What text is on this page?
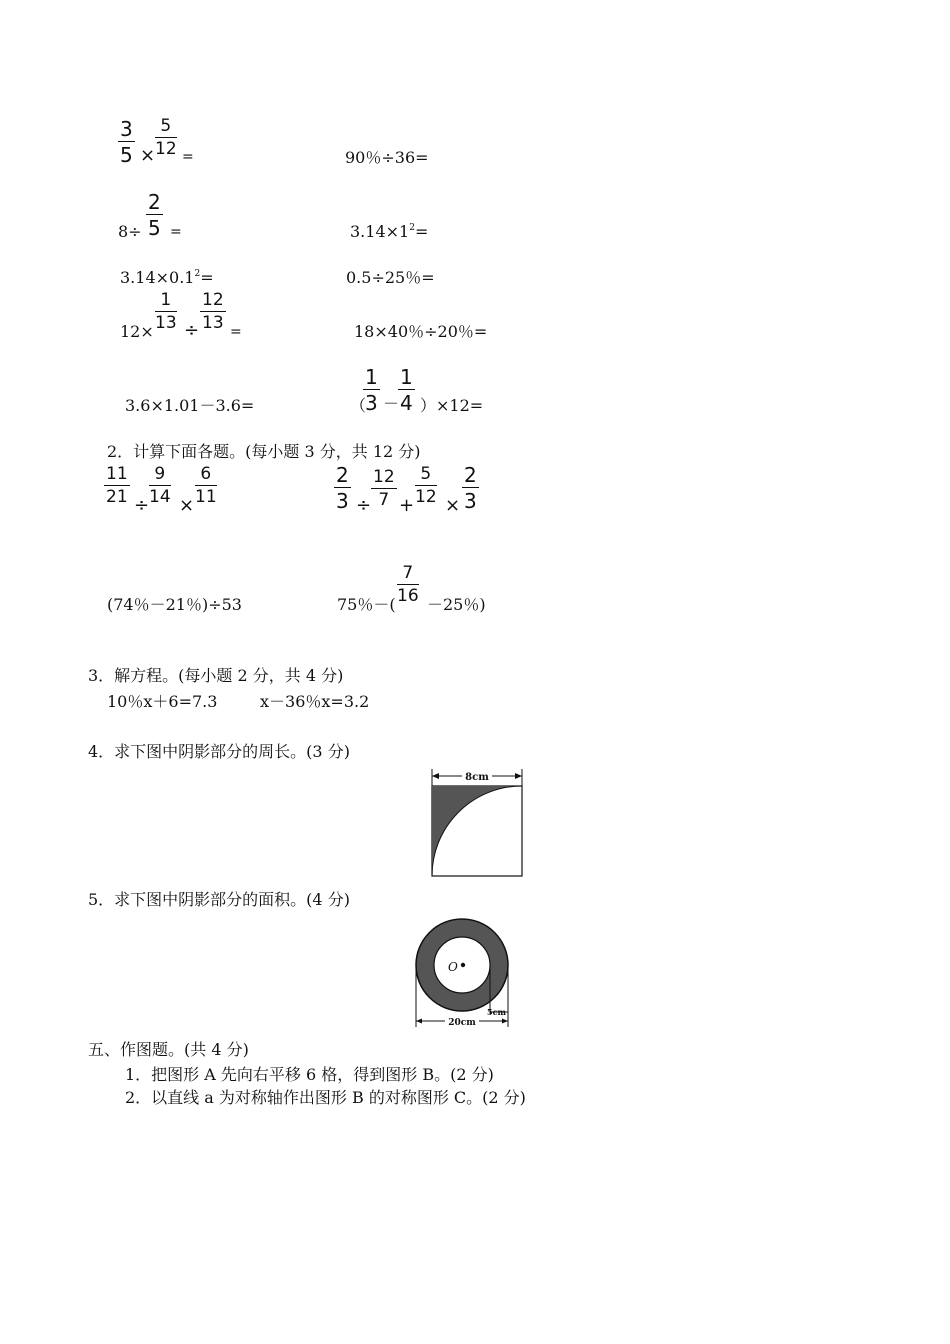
3
5 ×
5
12 =	90％÷36=
8÷
2
5 =	$3.14\times 1^2=$
$3.14\times 0.1^2=$	0.5÷25％=
12×
1
13 ÷
12
13 =	18×40％÷20％=
3.6×1.01－3.6=	（
1
3 －
1
4 ）×12=
2．计算下面各题。(每小题 3 分，共 12 分)
11
21 ÷
9
14 ×
6
11
2
3 ÷
12
7 +
5
12 ×
2
3
(74％－21％)÷53	75％－(
7
16 －25％)
3．解方程。(每小题 2 分，共 4 分)
10％x＋6=7.3	x－36％x=3.2
4．求下图中阴影部分的周长。(3 分)
8cm
5．求下图中阴影部分的面积。(4 分)
O
5cm
20cm
五、作图题。(共 4 分)
1．把图形 A 先向右平移 6 格，得到图形 B。(2 分)
2．以直线 a 为对称轴作出图形 B 的对称图形 C。(2 分)
